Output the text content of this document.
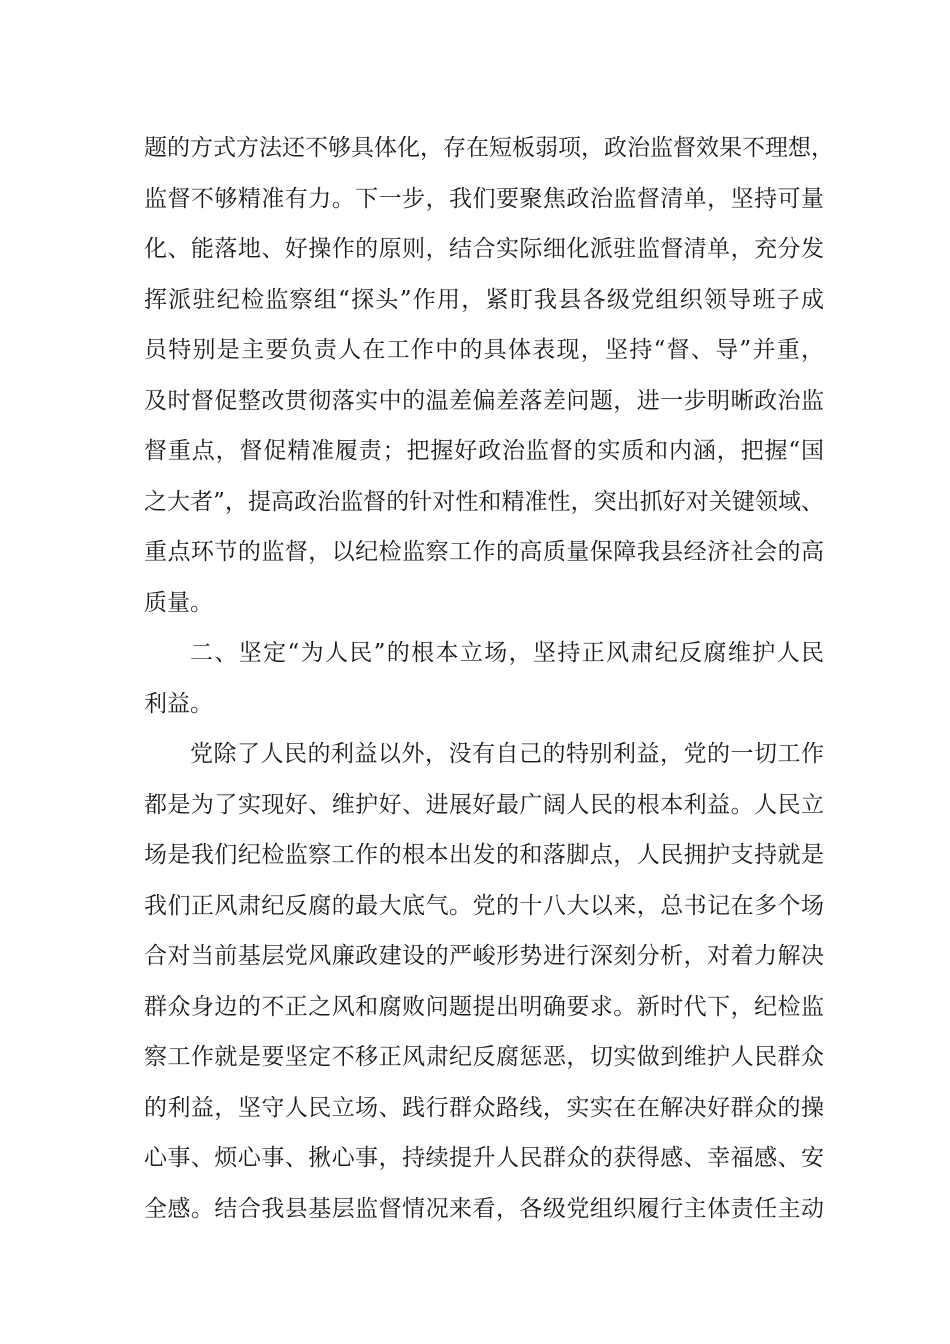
题的方式方法还不够具体化，存在短板弱项，政治监督效果不理想，
监督不够精准有力。下一步，我们要聚焦政治监督清单，坚持可量
化、能落地、好操作的原则，结合实际细化派驻监督清单，充分发
挥派驻纪检监察组“探头”作用，紧盯我县各级党组织领导班子成
员特别是主要负责人在工作中的具体表现，坚持“督、导”并重，
及时督促整改贯彻落实中的温差偏差落差问题，进一步明晰政治监
督重点，督促精准履责；把握好政治监督的实质和内涵，把握“国
之大者”，提高政治监督的针对性和精准性，突出抓好对关键领域、
重点环节的监督，以纪检监察工作的高质量保障我县经济社会的高
质量。
二、坚定“为人民”的根本立场，坚持正风肃纪反腐维护人民
利益。
党除了人民的利益以外，没有自己的特别利益，党的一切工作
都是为了实现好、维护好、进展好最广阔人民的根本利益。人民立
场是我们纪检监察工作的根本出发的和落脚点，人民拥护支持就是
我们正风肃纪反腐的最大底气。党的十八大以来，总书记在多个场
合对当前基层党风廉政建设的严峻形势进行深刻分析，对着力解决
群众身边的不正之风和腐败问题提出明确要求。新时代下，纪检监
察工作就是要坚定不移正风肃纪反腐惩恶，切实做到维护人民群众
的利益，坚守人民立场、践行群众路线，实实在在解决好群众的操
心事、烦心事、揪心事，持续提升人民群众的获得感、幸福感、安
全感。结合我县基层监督情况来看，各级党组织履行主体责任主动
